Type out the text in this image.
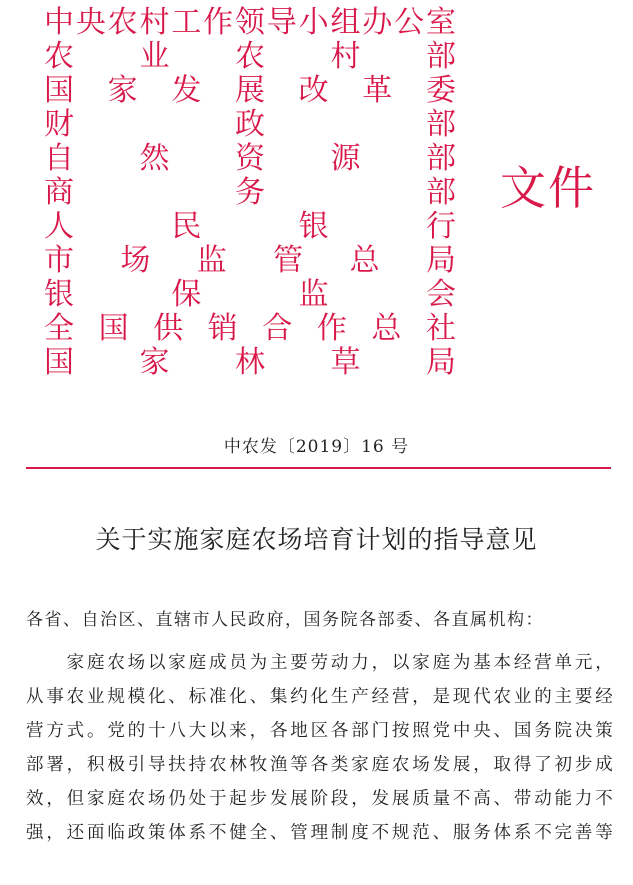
中 央 农 村 工 作 领 导 小 组 办 公 室
农 业 农 村 部
国 家 发 展 改 革 委
财	政	部
自 然 资 源 部
商	务	部
人	民	银	行
市 场 监 管 总 局
银	保	监	会
全 国 供 销 合 作 总 社
国 家 林 草 局
文件
中农发〔2019〕16 号
关于实施家庭农场培育计划的指导意见
各省、自治区、直辖市人民政府，国务院各部委、各直属机构：

家 庭 农 场 以 家 庭 成 员 为 主 要 劳 动 力 ， 以 家 庭 为 基 本 经 营 单 元 ，
从 事 农 业 规 模 化 、 标 准 化 、 集 约 化 生 产 经 营 ， 是 现 代 农 业 的 主 要 经
营 方 式 。 党 的 十 八 大 以 来 ， 各 地 区 各 部 门 按 照 党 中 央 、 国 务 院 决 策
部 署 ， 积 极 引 导 扶 持 农 林 牧 渔 等 各 类 家 庭 农 场 发 展 ， 取 得 了 初 步 成
效 ， 但 家 庭 农 场 仍 处 于 起 步 发 展 阶 段 ， 发 展 质 量 不 高 、 带 动 能 力 不
强 ， 还 面 临 政 策 体 系 不 健 全 、 管 理 制 度 不 规 范 、 服 务 体 系 不 完 善 等
